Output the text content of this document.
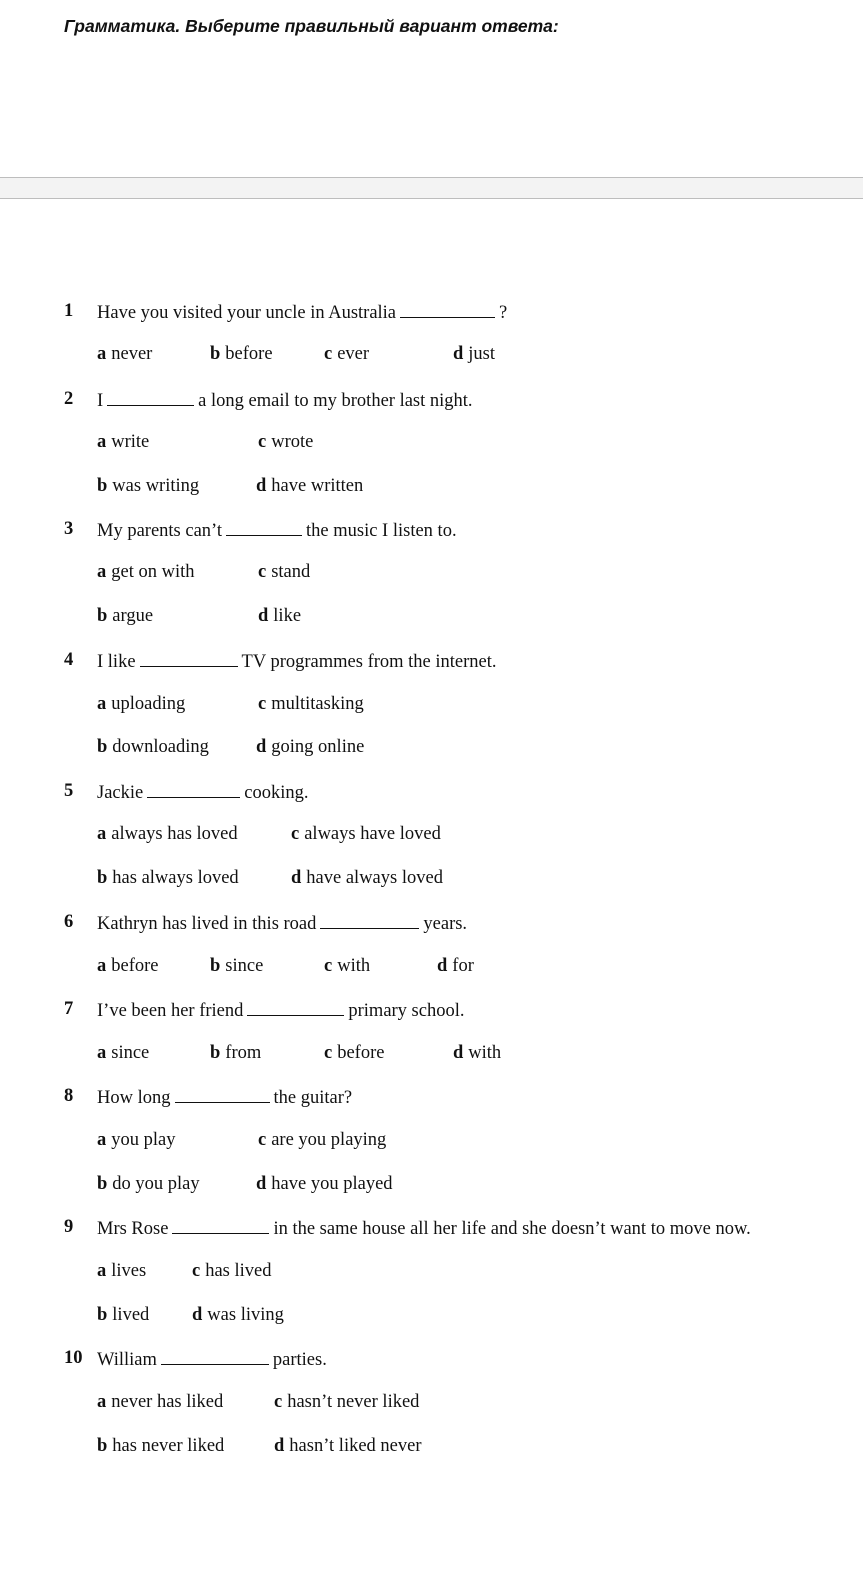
Грамматика. Выберите правильный вариант ответа:
1 Have you visited your uncle in Australia	?
a never	b before	c ever	d just
2 I	a long email to my brother last night.
a write	c wrote
b was writing	d have written
3 My parents can’t	the music I listen to.
a get on with	c stand
b argue	d like
4 I like	TV programmes from the internet.
a uploading	c multitasking
b downloading	d going online
5 Jackie	cooking.
a always has loved	c always have loved
b has always loved	d have always loved
6 Kathryn has lived in this road	years.
a before	b since	c with	d for
7 I’ve been her friend	primary school.
a since	b from	c before	d with
8 How long	the guitar?
a you play	c are you playing
b do you play	d have you played
9 Mrs Rose	in the same house all her life and she doesn’t want to move now.
a lives c has lived
b lived d was living
10 William	parties.
a never has liked	c hasn’t never liked
b has never liked	d hasn’t liked never
